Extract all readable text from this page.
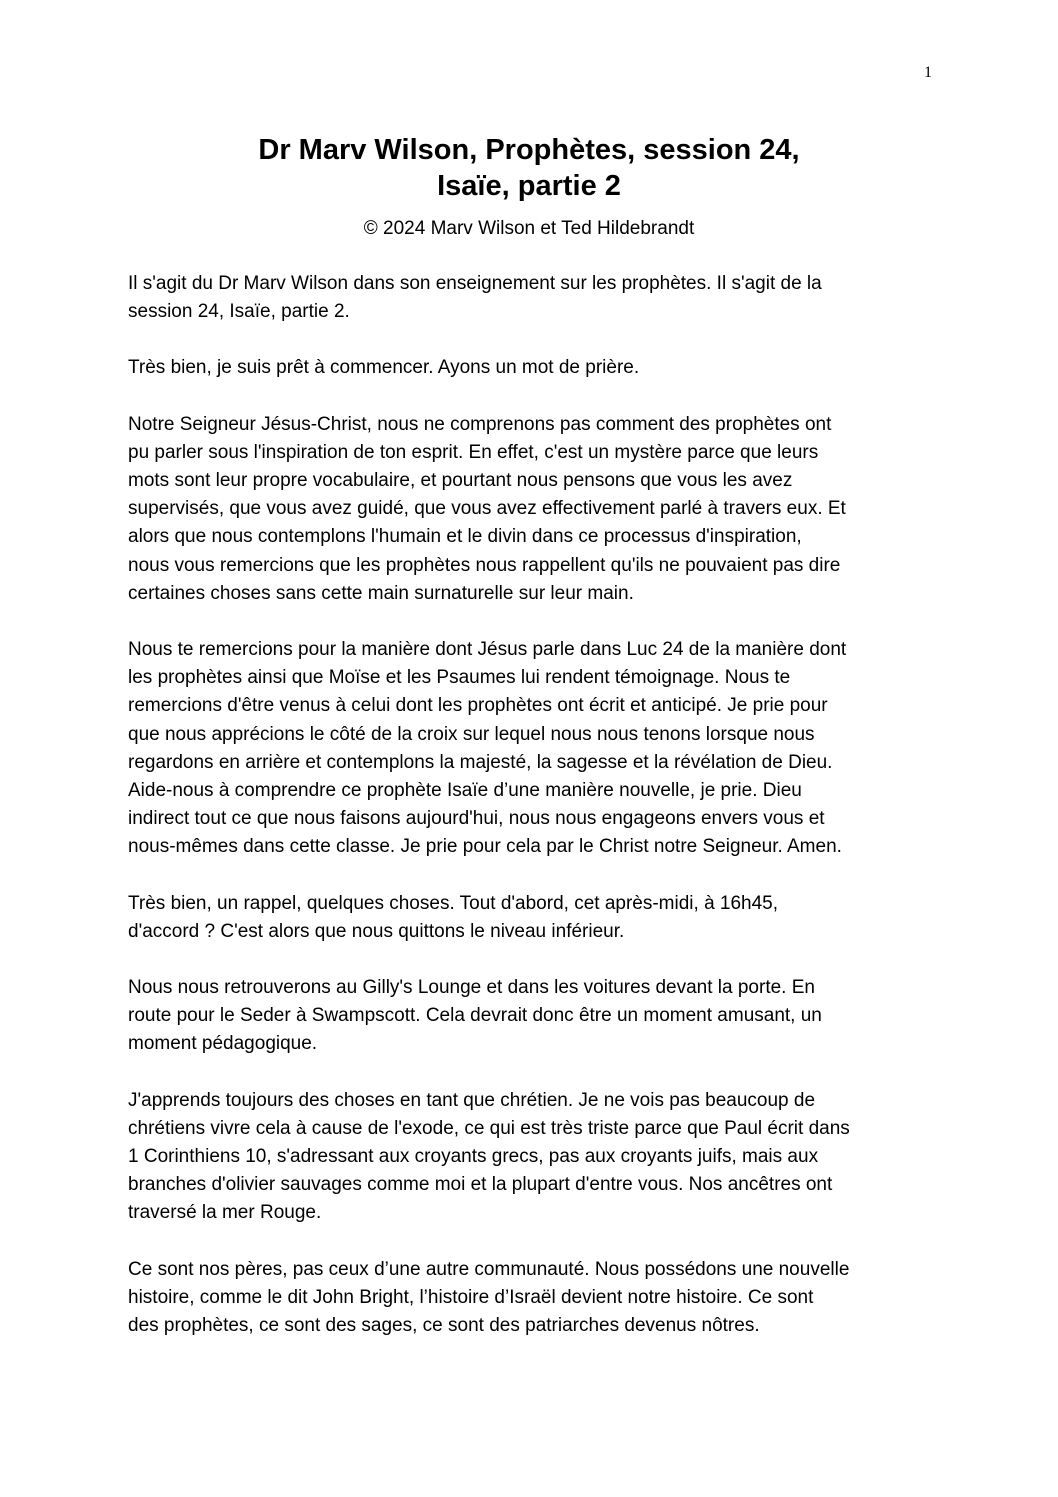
1
Dr Marv Wilson, Prophètes, session 24,
Isaïe, partie 2
© 2024 Marv Wilson et Ted Hildebrandt

Il s'agit du Dr Marv Wilson dans son enseignement sur les prophètes. Il s'agit de la
session 24, Isaïe, partie 2.

Très bien, je suis prêt à commencer. Ayons un mot de prière.

Notre Seigneur Jésus-Christ, nous ne comprenons pas comment des prophètes ont
pu parler sous l'inspiration de ton esprit. En effet, c'est un mystère parce que leurs
mots sont leur propre vocabulaire, et pourtant nous pensons que vous les avez
supervisés, que vous avez guidé, que vous avez effectivement parlé à travers eux. Et
alors que nous contemplons l'humain et le divin dans ce processus d'inspiration,
nous vous remercions que les prophètes nous rappellent qu'ils ne pouvaient pas dire
certaines choses sans cette main surnaturelle sur leur main.

Nous te remercions pour la manière dont Jésus parle dans Luc 24 de la manière dont
les prophètes ainsi que Moïse et les Psaumes lui rendent témoignage. Nous te
remercions d'être venus à celui dont les prophètes ont écrit et anticipé. Je prie pour
que nous apprécions le côté de la croix sur lequel nous nous tenons lorsque nous
regardons en arrière et contemplons la majesté, la sagesse et la révélation de Dieu.
Aide-nous à comprendre ce prophète Isaïe d’une manière nouvelle, je prie. Dieu
indirect tout ce que nous faisons aujourd'hui, nous nous engageons envers vous et
nous-mêmes dans cette classe. Je prie pour cela par le Christ notre Seigneur. Amen.

Très bien, un rappel, quelques choses. Tout d'abord, cet après-midi, à 16h45,
d'accord ? C'est alors que nous quittons le niveau inférieur.

Nous nous retrouverons au Gilly's Lounge et dans les voitures devant la porte. En
route pour le Seder à Swampscott. Cela devrait donc être un moment amusant, un
moment pédagogique.

J'apprends toujours des choses en tant que chrétien. Je ne vois pas beaucoup de
chrétiens vivre cela à cause de l'exode, ce qui est très triste parce que Paul écrit dans
1 Corinthiens 10, s'adressant aux croyants grecs, pas aux croyants juifs, mais aux
branches d'olivier sauvages comme moi et la plupart d'entre vous. Nos ancêtres ont
traversé la mer Rouge.

Ce sont nos pères, pas ceux d’une autre communauté. Nous possédons une nouvelle
histoire, comme le dit John Bright, l’histoire d’Israël devient notre histoire. Ce sont
des prophètes, ce sont des sages, ce sont des patriarches devenus nôtres.
